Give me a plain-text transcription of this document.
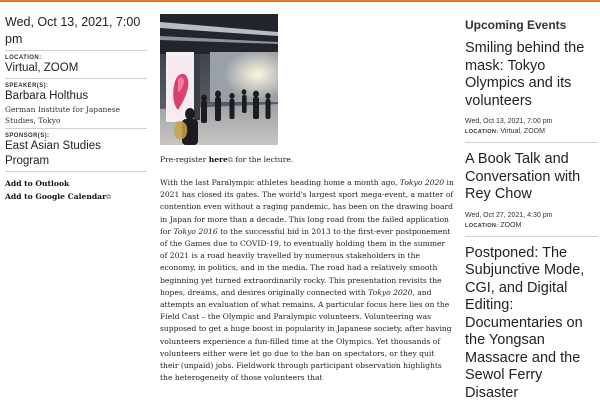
Wed, Oct 13, 2021, 7:00 pm
LOCATION:
Virtual, ZOOM
SPEAKER(S):
Barbara Holthus
German Institute for Japanese Studies, Tokyo
SPONSOR(S):
East Asian Studies Program
Add to Outlook
Add to Google Calendar⧉
Pre-register here⧉ for the lecture.
With the last Paralympic athletes heading home a month ago, Tokyo 2020 in 2021 has closed its gates. The world's largest sport mega-event, a matter of contention even without a raging pandemic, has been on the drawing board in Japan for more than a decade. This long road from the failed application for Tokyo 2016 to the successful bid in 2013 to the first-ever postponement of the Games due to COVID-19, to eventually holding them in the summer of 2021 is a road heavily travelled by numerous stakeholders in the economy, in politics, and in the media. The road had a relatively smooth beginning yet turned extraordinarily rocky. This presentation revisits the hopes, dreams, and desires originally connected with Tokyo 2020, and attempts an evaluation of what remains. A particular focus here lies on the Field Cast – the Olympic and Paralympic volunteers. Volunteering was supposed to get a huge boost in popularity in Japanese society, after having volunteers experience a fun-filled time at the Olympics. Yet thousands of volunteers either were let go due to the ban on spectators, or they quit their (unpaid) jobs. Fieldwork through participant observation highlights the heterogeneity of those volunteers that
Upcoming Events
Smiling behind the mask: Tokyo Olympics and its volunteers
Wed, Oct 13, 2021, 7:00 pm
LOCATION: Virtual, ZOOM
A Book Talk and Conversation with Rey Chow
Wed, Oct 27, 2021, 4:30 pm
LOCATION: ZOOM
Postponed: The Subjunctive Mode, CGI, and Digital Editing: Documentaries on the Yongsan Massacre and the Sewol Ferry Disaster
